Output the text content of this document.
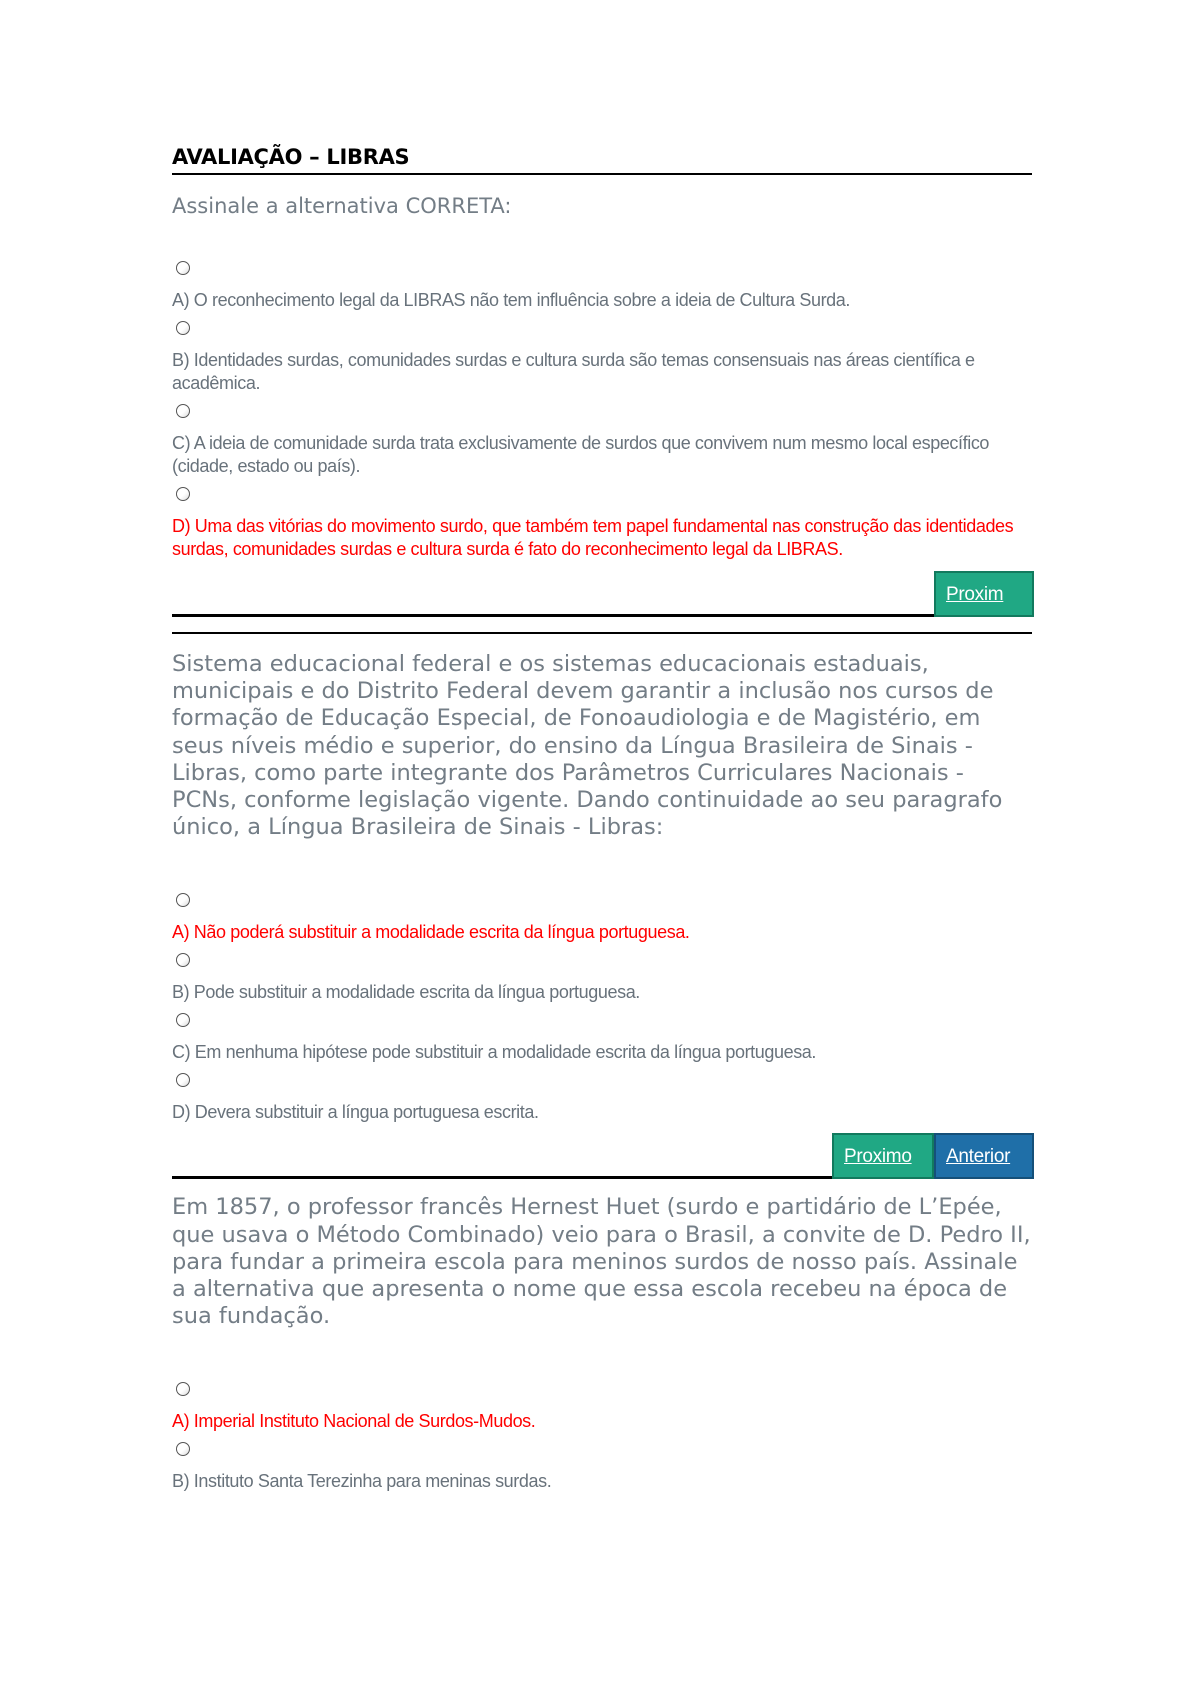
AVALIAÇÃO – LIBRAS

Assinale a alternativa CORRETA:

A) O reconhecimento legal da LIBRAS não tem influência sobre a ideia de Cultura Surda.

B) Identidades surdas, comunidades surdas e cultura surda são temas consensuais nas áreas científica e acadêmica.

C) A ideia de comunidade surda trata exclusivamente de surdos que convivem num mesmo local específico (cidade, estado ou país).

D) Uma das vitórias do movimento surdo, que também tem papel fundamental nas construção das identidades surdas, comunidades surdas e cultura surda é fato do reconhecimento legal da LIBRAS.

Proxim

Sistema educacional federal e os sistemas educacionais estaduais, municipais e do Distrito Federal devem garantir a inclusão nos cursos de formação de Educação Especial, de Fonoaudiologia e de Magistério, em seus níveis médio e superior, do ensino da Língua Brasileira de Sinais - Libras, como parte integrante dos Parâmetros Curriculares Nacionais - PCNs, conforme legislação vigente. Dando continuidade ao seu paragrafo único, a Língua Brasileira de Sinais - Libras:

A) Não poderá substituir a modalidade escrita da língua portuguesa.

B) Pode substituir a modalidade escrita da língua portuguesa.

C) Em nenhuma hipótese pode substituir a modalidade escrita da língua portuguesa.

D) Devera substituir a língua portuguesa escrita.

Proximo	Anterior

Em 1857, o professor francês Hernest Huet (surdo e partidário de L’Epée, que usava o Método Combinado) veio para o Brasil, a convite de D. Pedro II, para fundar a primeira escola para meninos surdos de nosso país. Assinale a alternativa que apresenta o nome que essa escola recebeu na época de sua fundação.

A) Imperial Instituto Nacional de Surdos-Mudos.

B) Instituto Santa Terezinha para meninas surdas.
